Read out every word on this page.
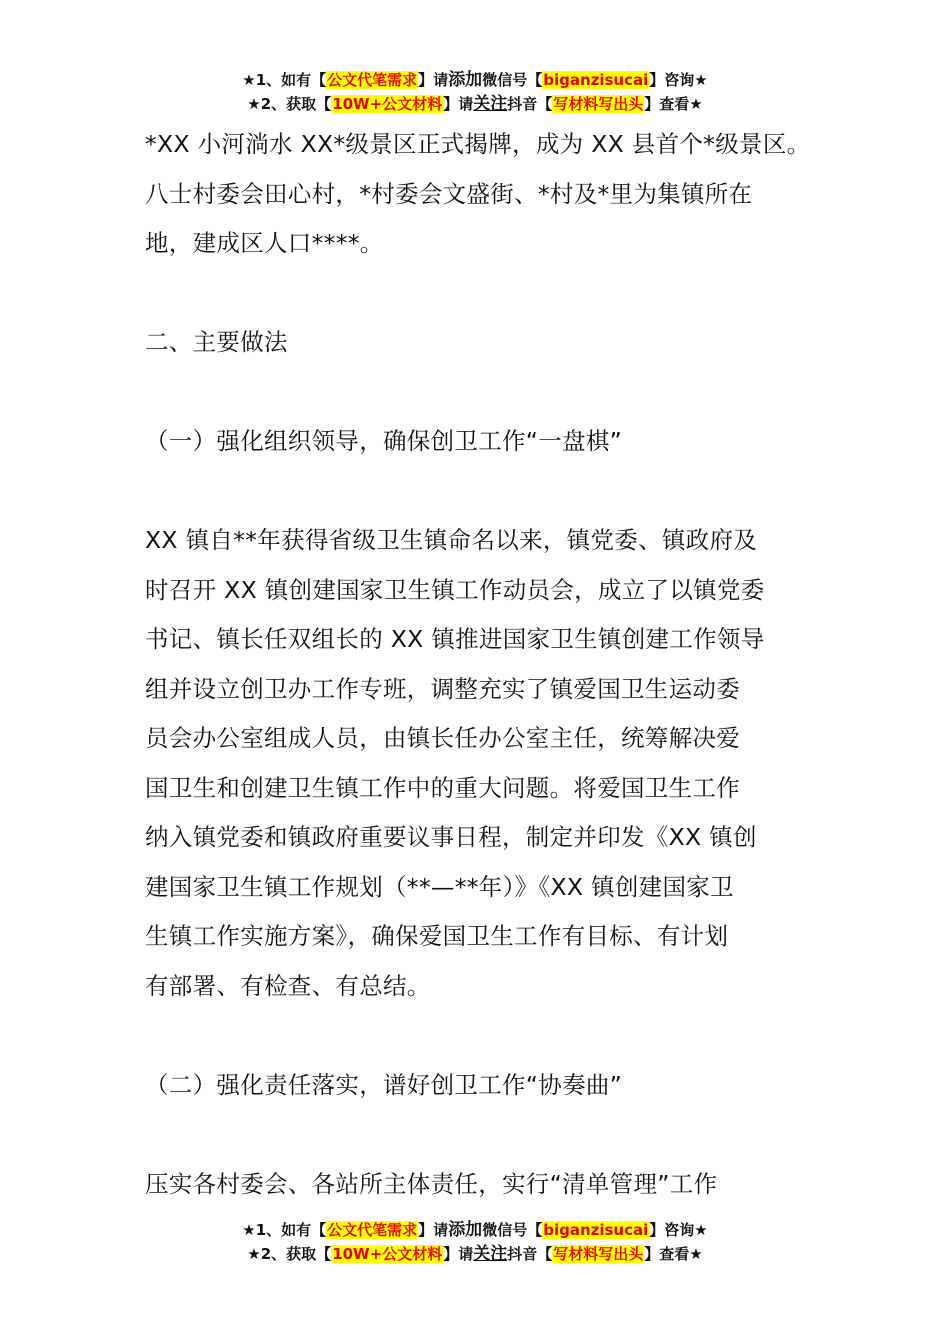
★1、如有【公文代笔需求】请添加微信号【biganzisucai】咨询★
★2、获取【10W+公文材料】请关注抖音【写材料写出头】查看★

*XX 小河淌水 XX*级景区正式揭牌，成为 XX 县首个*级景区。
八士村委会田心村，*村委会文盛街、*村及*里为集镇所在
地，建成区人口****。

二、主要做法

（一）强化组织领导，确保创卫工作“一盘棋”

XX 镇自**年获得省级卫生镇命名以来，镇党委、镇政府及
时召开 XX 镇创建国家卫生镇工作动员会，成立了以镇党委
书记、镇长任双组长的 XX 镇推进国家卫生镇创建工作领导
组并设立创卫办工作专班，调整充实了镇爱国卫生运动委
员会办公室组成人员，由镇长任办公室主任，统筹解决爱
国卫生和创建卫生镇工作中的重大问题。将爱国卫生工作
纳入镇党委和镇政府重要议事日程，制定并印发《XX 镇创
建国家卫生镇工作规划（**—**年）》《XX 镇创建国家卫
生镇工作实施方案》，确保爱国卫生工作有目标、有计划
有部署、有检查、有总结。

（二）强化责任落实，谱好创卫工作“协奏曲”

压实各村委会、各站所主体责任，实行“清单管理”工作

★1、如有【公文代笔需求】请添加微信号【biganzisucai】咨询★
★2、获取【10W+公文材料】请关注抖音【写材料写出头】查看★
